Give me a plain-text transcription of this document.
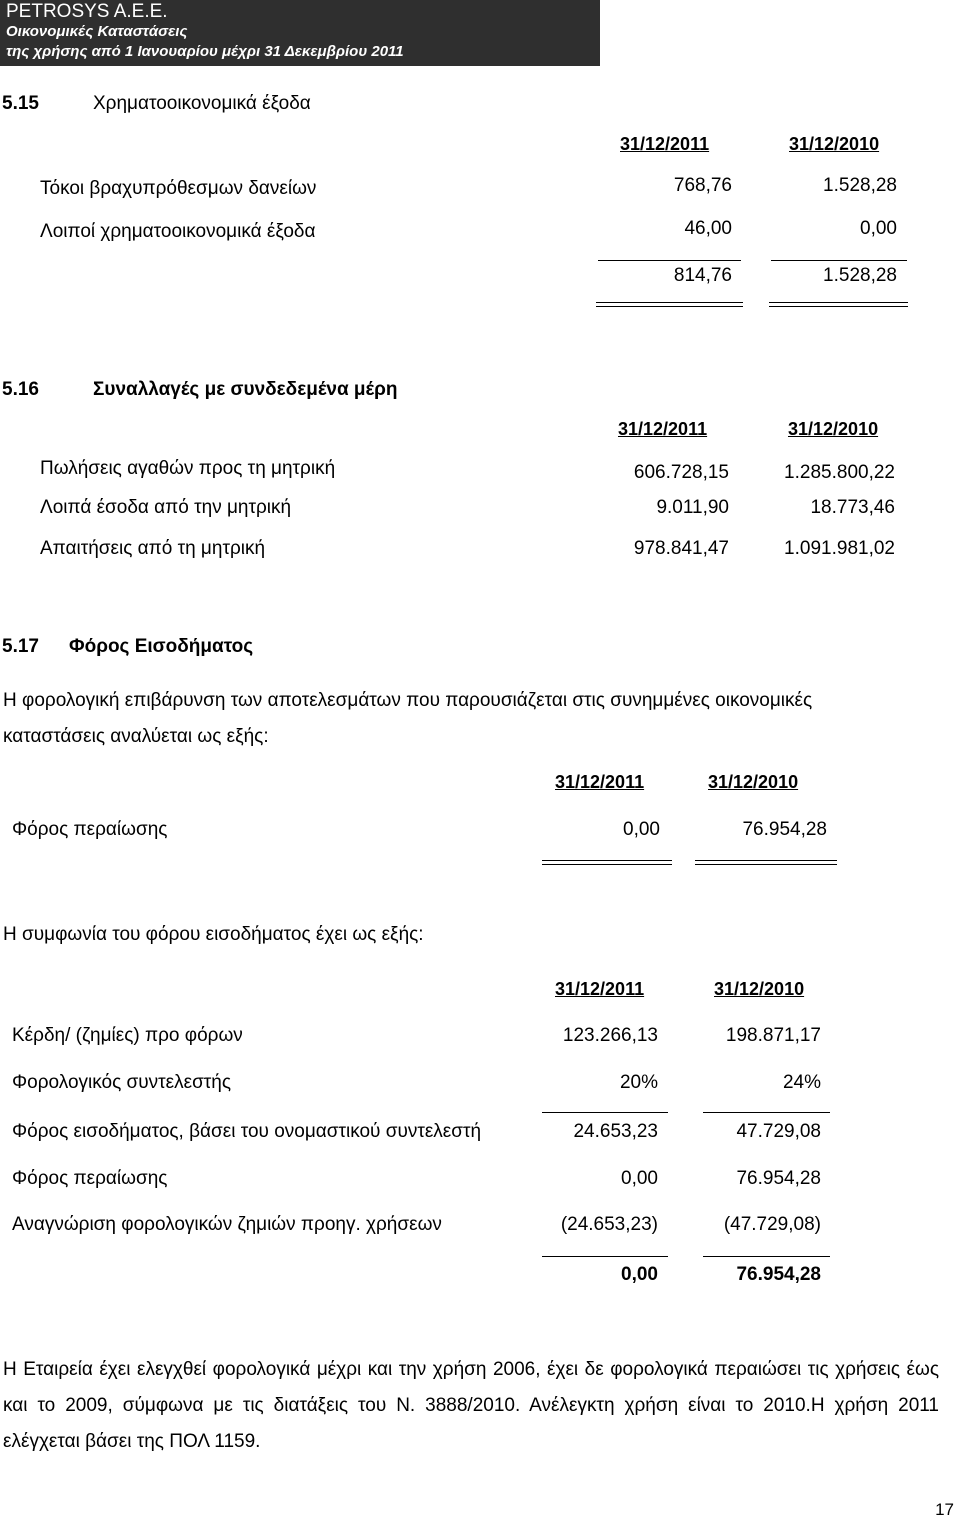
PETROSYS A.E.E.
Οικονομικές Καταστάσεις
της χρήσης από 1 Ιανουαρίου μέχρι 31 Δεκεμβρίου 2011
5.15	Χρηματοοικονομικά έξοδα
31/12/2011	31/12/2010
Τόκοι βραχυπρόθεσμων δανείων	768,76	1.528,28
Λοιποί χρηματοοικονομικά έξοδα	46,00	0,00
814,76	1.528,28
5.16	Συναλλαγές με συνδεδεμένα μέρη
31/12/2011	31/12/2010
Πωλήσεις αγαθών προς τη μητρική	606.728,15	1.285.800,22
Λοιπά έσοδα από την μητρική	9.011,90	18.773,46
Απαιτήσεις από τη μητρική	978.841,47	1.091.981,02
5.17 Φόρος Εισοδήματος
Η φορολογική επιβάρυνση των αποτελεσμάτων που παρουσιάζεται στις συνημμένες οικονομικές
καταστάσεις αναλύεται ως εξής:
31/12/2011	31/12/2010
Φόρος περαίωσης	0,00	76.954,28
Η συμφωνία του φόρου εισοδήματος έχει ως εξής:
31/12/2011	31/12/2010
Κέρδη/ (ζημίες) προ φόρων	123.266,13	198.871,17
Φορολογικός συντελεστής	20%	24%
Φόρος εισοδήματος, βάσει του ονομαστικού συντελεστή	24.653,23	47.729,08
Φόρος περαίωσης	0,00	76.954,28
Αναγνώριση φορολογικών ζημιών προηγ. χρήσεων	(24.653,23)	(47.729,08)
0,00	76.954,28
Η Εταιρεία έχει ελεγχθεί φορολογικά μέχρι και την χρήση 2006, έχει δε φορολογικά περαιώσει τις χρήσεις έως και το 2009, σύμφωνα με τις διατάξεις του Ν. 3888/2010. Ανέλεγκτη χρήση είναι το 2010.Η χρήση 2011 ελέγχεται βάσει της ΠΟΛ 1159.
17
